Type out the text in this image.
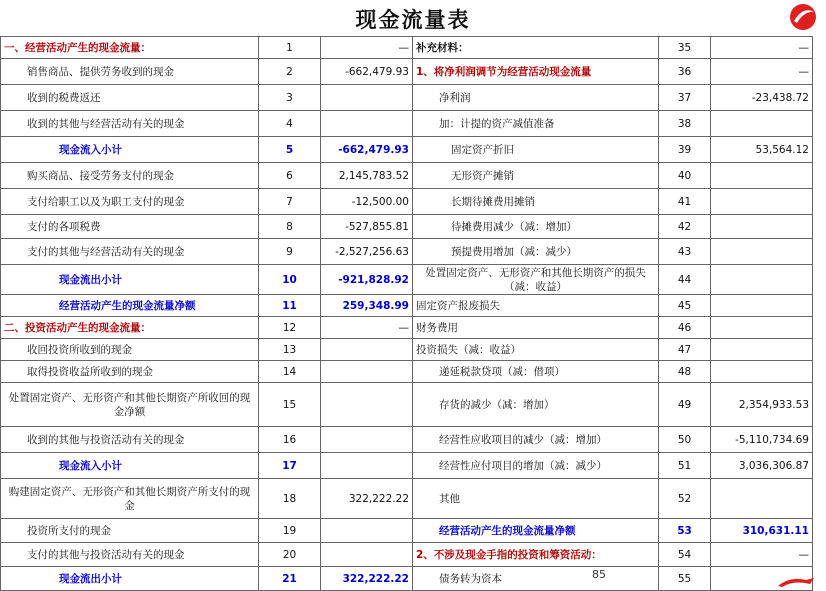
现金流量表
一、经营活动产生的现金流量：	1	—	补充材料：	35	—
销售商品、提供劳务收到的现金	2	-662,479.93	1、将净利润调节为经营活动现金流量	36	—
收到的税费返还	3		净利润	37	-23,438.72
收到的其他与经营活动有关的现金	4		加：计提的资产减值准备	38	
现金流入小计	5	-662,479.93	固定资产折旧	39	53,564.12
购买商品、接受劳务支付的现金	6	2,145,783.52	无形资产摊销	40	
支付给职工以及为职工支付的现金	7	-12,500.00	长期待摊费用摊销	41	
支付的各项税费	8	-527,855.81	待摊费用减少（减：增加）	42	
支付的其他与经营活动有关的现金	9	-2,527,256.63	预提费用增加（减：减少）	43	
现金流出小计	10	-921,828.92	处置固定资产、无形资产和其他长期资产的损失（减：收益）	44	
经营活动产生的现金流量净额	11	259,348.99	固定资产报废损失	45	
二、投资活动产生的现金流量：	12	—	财务费用	46	
收回投资所收到的现金	13		投资损失（减：收益）	47	
取得投资收益所收到的现金	14		递延税款贷项（减：借项）	48	
处置固定资产、无形资产和其他长期资产所收回的现金净额	15		存货的减少（减：增加）	49	2,354,933.53
收到的其他与投资活动有关的现金	16		经营性应收项目的减少（减：增加）	50	-5,110,734.69
现金流入小计	17		经营性应付项目的增加（减：减少）	51	3,036,306.87
购建固定资产、无形资产和其他长期资产所支付的现金	18	322,222.22	其他	52	
投资所支付的现金	19		经营活动产生的现金流量净额	53	310,631.11
支付的其他与投资活动有关的现金	20		2、不涉及现金手指的投资和筹资活动：	54	—
现金流出小计	21	322,222.22	债务转为资本	55	
85
